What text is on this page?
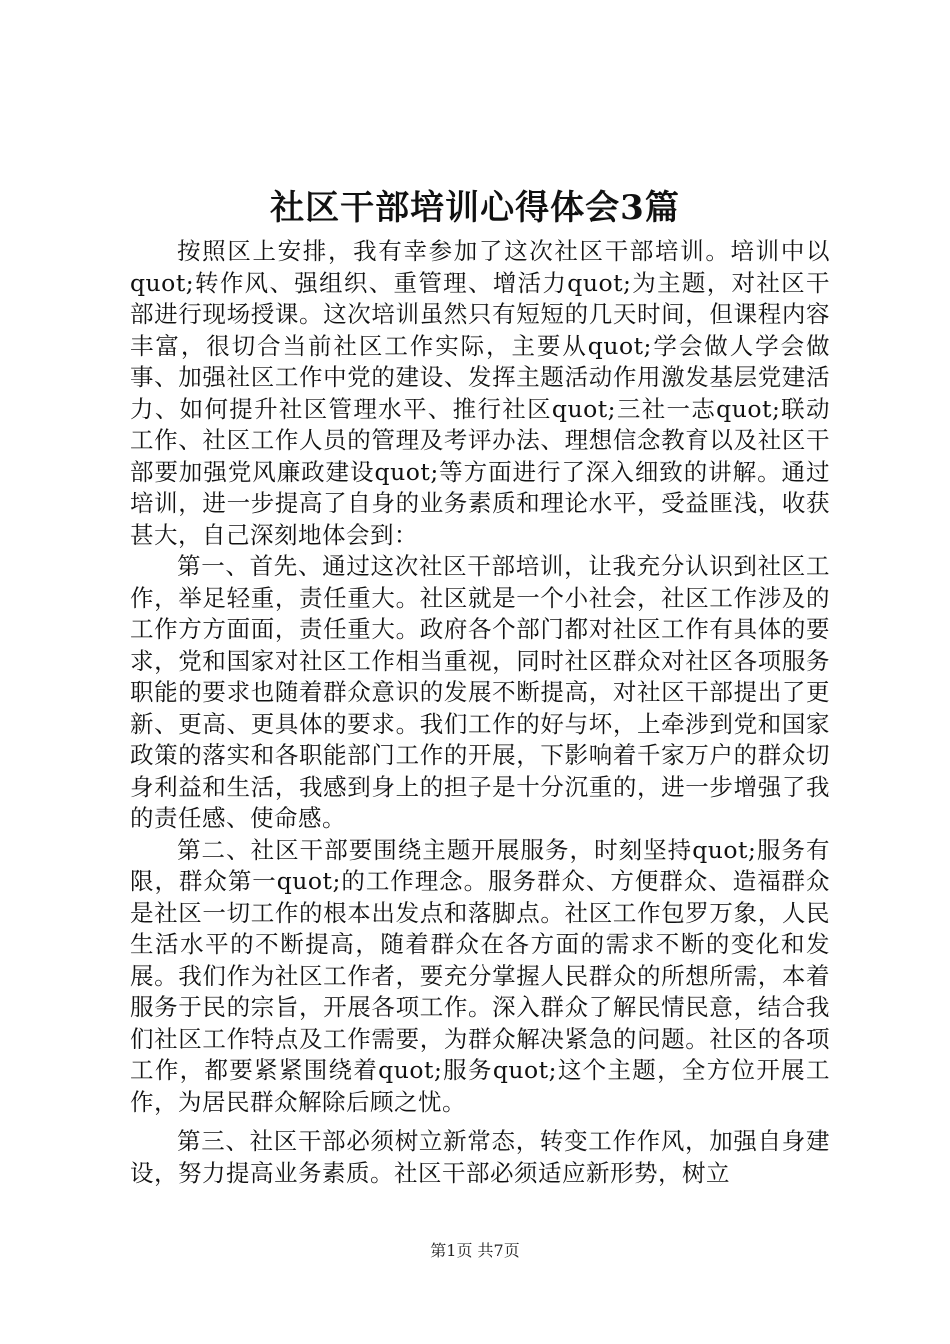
社区干部培训心得体会3篇

按照区上安排，我有幸参加了这次社区干部培训。培训中以quot;转作风、强组织、重管理、增活力quot;为主题，对社区干部进行现场授课。这次培训虽然只有短短的几天时间，但课程内容丰富，很切合当前社区工作实际，主要从quot;学会做人学会做事、加强社区工作中党的建设、发挥主题活动作用激发基层党建活力、如何提升社区管理水平、推行社区quot;三社一志quot;联动工作、社区工作人员的管理及考评办法、理想信念教育以及社区干部要加强党风廉政建设quot;等方面进行了深入细致的讲解。通过培训，进一步提高了自身的业务素质和理论水平，受益匪浅，收获甚大，自己深刻地体会到：

第一、首先、通过这次社区干部培训，让我充分认识到社区工作，举足轻重，责任重大。社区就是一个小社会，社区工作涉及的工作方方面面，责任重大。政府各个部门都对社区工作有具体的要求，党和国家对社区工作相当重视，同时社区群众对社区各项服务职能的要求也随着群众意识的发展不断提高，对社区干部提出了更新、更高、更具体的要求。我们工作的好与坏，上牵涉到党和国家政策的落实和各职能部门工作的开展，下影响着千家万户的群众切身利益和生活，我感到身上的担子是十分沉重的，进一步增强了我的责任感、使命感。

第二、社区干部要围绕主题开展服务，时刻坚持quot;服务有限，群众第一quot;的工作理念。服务群众、方便群众、造福群众是社区一切工作的根本出发点和落脚点。社区工作包罗万象，人民生活水平的不断提高，随着群众在各方面的需求不断的变化和发展。我们作为社区工作者，要充分掌握人民群众的所想所需，本着服务于民的宗旨，开展各项工作。深入群众了解民情民意，结合我们社区工作特点及工作需要，为群众解决紧急的问题。社区的各项工作，都要紧紧围绕着quot;服务quot;这个主题，全方位开展工作，为居民群众解除后顾之忧。

第三、社区干部必须树立新常态，转变工作作风，加强自身建设，努力提高业务素质。社区干部必须适应新形势，树立

第1页 共7页
